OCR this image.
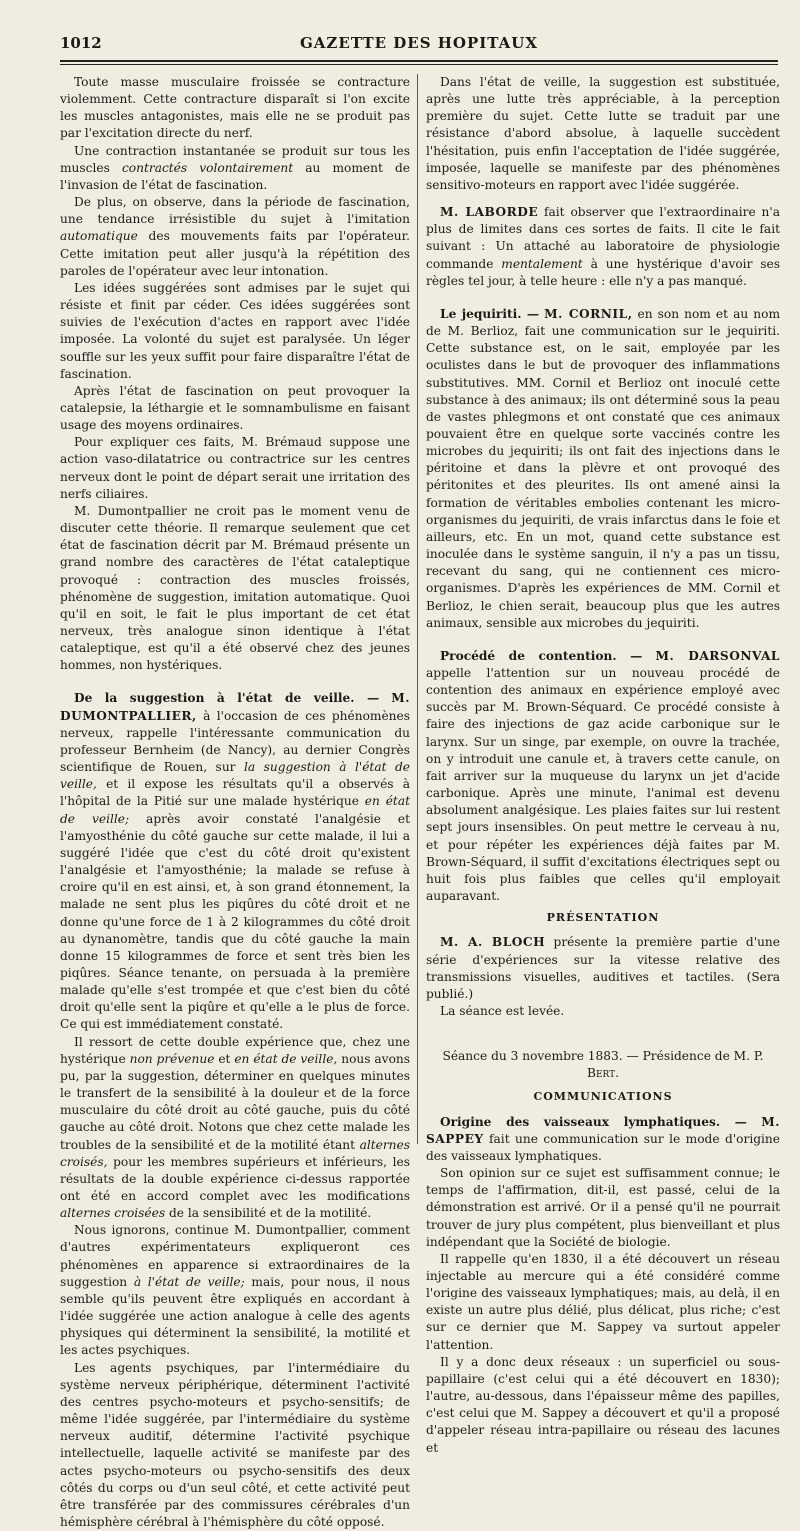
1012	GAZETTE DES HOPITAUX

Toute masse musculaire froissée se contracture violemment. Cette contracture disparaît si l'on excite les muscles antagonistes, mais elle ne se produit pas par l'excitation directe du nerf.

Une contraction instantanée se produit sur tous les muscles contractés volontairement au moment de l'invasion de l'état de fascination.

De plus, on observe, dans la période de fascination, une tendance irrésistible du sujet à l'imitation automatique des mouvements faits par l'opérateur. Cette imitation peut aller jusqu'à la répétition des paroles de l'opérateur avec leur intonation.

Les idées suggérées sont admises par le sujet qui résiste et finit par céder. Ces idées suggérées sont suivies de l'exécution d'actes en rapport avec l'idée imposée. La volonté du sujet est paralysée. Un léger souffle sur les yeux suffit pour faire disparaître l'état de fascination.

Après l'état de fascination on peut provoquer la catalepsie, la léthargie et le somnambulisme en faisant usage des moyens ordinaires.

Pour expliquer ces faits, M. Brémaud suppose une action vaso-dilatatrice ou contractrice sur les centres nerveux dont le point de départ serait une irritation des nerfs ciliaires.

M. Dumontpallier ne croit pas le moment venu de discuter cette théorie. Il remarque seulement que cet état de fascination décrit par M. Brémaud présente un grand nombre des caractères de l'état cataleptique provoqué : contraction des muscles froissés, phénomène de suggestion, imitation automatique. Quoi qu'il en soit, le fait le plus important de cet état nerveux, très analogue sinon identique à l'état cataleptique, est qu'il a été observé chez des jeunes hommes, non hystériques.

De la suggestion à l'état de veille. — M. DUMONTPALLIER, à l'occasion de ces phénomènes nerveux, rappelle l'intéressante communication du professeur Bernheim (de Nancy), au dernier Congrès scientifique de Rouen, sur la suggestion à l'état de veille, et il expose les résultats qu'il a observés à l'hôpital de la Pitié sur une malade hystérique en état de veille; après avoir constaté l'analgésie et l'amyosthénie du côté gauche sur cette malade, il lui a suggéré l'idée que c'est du côté droit qu'existent l'analgésie et l'amyosthénie; la malade se refuse à croire qu'il en est ainsi, et, à son grand étonnement, la malade ne sent plus les piqûres du côté droit et ne donne qu'une force de 1 à 2 kilogrammes du côté droit au dynanomètre, tandis que du côté gauche la main donne 15 kilogrammes de force et sent très bien les piqûres. Séance tenante, on persuada à la première malade qu'elle s'est trompée et que c'est bien du côté droit qu'elle sent la piqûre et qu'elle a le plus de force. Ce qui est immédiatement constaté.

Il ressort de cette double expérience que, chez une hystérique non prévenue et en état de veille, nous avons pu, par la suggestion, déterminer en quelques minutes le transfert de la sensibilité à la douleur et de la force musculaire du côté droit au côté gauche, puis du côté gauche au côté droit. Notons que chez cette malade les troubles de la sensibilité et de la motilité étant alternes croisés, pour les membres supérieurs et inférieurs, les résultats de la double expérience ci-dessus rapportée ont été en accord complet avec les modifications alternes croisées de la sensibilité et de la motilité.

Nous ignorons, continue M. Dumontpallier, comment d'autres expérimentateurs expliqueront ces phénomènes en apparence si extraordinaires de la suggestion à l'état de veille; mais, pour nous, il nous semble qu'ils peuvent être expliqués en accordant à l'idée suggérée une action analogue à celle des agents physiques qui déterminent la sensibilité, la motilité et les actes psychiques.

Les agents psychiques, par l'intermédiaire du système nerveux périphérique, déterminent l'activité des centres psycho-moteurs et psycho-sensitifs; de même l'idée suggérée, par l'intermédiaire du système nerveux auditif, détermine l'activité psychique intellectuelle, laquelle activité se manifeste par des actes psycho-moteurs ou psycho-sensitifs des deux côtés du corps ou d'un seul côté, et cette activité peut être transférée par des commissures cérébrales d'un hémisphère cérébral à l'hémisphère du côté opposé.

Dans l'état de veille, la suggestion est substituée, après une lutte très appréciable, à la perception première du sujet. Cette lutte se traduit par une résistance d'abord absolue, à laquelle succèdent l'hésitation, puis enfin l'acceptation de l'idée suggérée, imposée, laquelle se manifeste par des phénomènes sensitivo-moteurs en rapport avec l'idée suggérée.

M. LABORDE fait observer que l'extraordinaire n'a plus de limites dans ces sortes de faits. Il cite le fait suivant : Un attaché au laboratoire de physiologie commande mentalement à une hystérique d'avoir ses règles tel jour, à telle heure : elle n'y a pas manqué.

Le jequiriti. — M. CORNIL, en son nom et au nom de M. Berlioz, fait une communication sur le jequiriti. Cette substance est, on le sait, employée par les oculistes dans le but de provoquer des inflammations substitutives. MM. Cornil et Berlioz ont inoculé cette substance à des animaux; ils ont déterminé sous la peau de vastes phlegmons et ont constaté que ces animaux pouvaient être en quelque sorte vaccinés contre les microbes du jequiriti; ils ont fait des injections dans le péritoine et dans la plèvre et ont provoqué des péritonites et des pleurites. Ils ont amené ainsi la formation de véritables embolies contenant les micro-organismes du jequiriti, de vrais infarctus dans le foie et ailleurs, etc. En un mot, quand cette substance est inoculée dans le système sanguin, il n'y a pas un tissu, recevant du sang, qui ne contiennent ces micro-organismes. D'après les expériences de MM. Cornil et Berlioz, le chien serait, beaucoup plus que les autres animaux, sensible aux microbes du jequiriti.

Procédé de contention. — M. DARSONVAL appelle l'attention sur un nouveau procédé de contention des animaux en expérience employé avec succès par M. Brown-Séquard. Ce procédé consiste à faire des injections de gaz acide carbonique sur le larynx. Sur un singe, par exemple, on ouvre la trachée, on y introduit une canule et, à travers cette canule, on fait arriver sur la muqueuse du larynx un jet d'acide carbonique. Après une minute, l'animal est devenu absolument analgésique. Les plaies faites sur lui restent sept jours insensibles. On peut mettre le cerveau à nu, et pour répéter les expériences déjà faites par M. Brown-Séquard, il suffit d'excitations électriques sept ou huit fois plus faibles que celles qu'il employait auparavant.

PRÉSENTATION

M. A. BLOCH présente la première partie d'une série d'expériences sur la vitesse relative des transmissions visuelles, auditives et tactiles. (Sera publié.)

La séance est levée.

Séance du 3 novembre 1883. — Présidence de M. P. Bert.

COMMUNICATIONS

Origine des vaisseaux lymphatiques. — M. SAPPEY fait une communication sur le mode d'origine des vaisseaux lymphatiques.

Son opinion sur ce sujet est suffisamment connue; le temps de l'affirmation, dit-il, est passé, celui de la démonstration est arrivé. Or il a pensé qu'il ne pourrait trouver de jury plus compétent, plus bienveillant et plus indépendant que la Société de biologie.

Il rappelle qu'en 1830, il a été découvert un réseau injectable au mercure qui a été considéré comme l'origine des vaisseaux lymphatiques; mais, au delà, il en existe un autre plus délié, plus délicat, plus riche; c'est sur ce dernier que M. Sappey va surtout appeler l'attention.

Il y a donc deux réseaux : un superficiel ou sous-papillaire (c'est celui qui a été découvert en 1830); l'autre, au-dessous, dans l'épaisseur même des papilles, c'est celui que M. Sappey a découvert et qu'il a proposé d'appeler réseau intra-papillaire ou réseau des lacunes et
